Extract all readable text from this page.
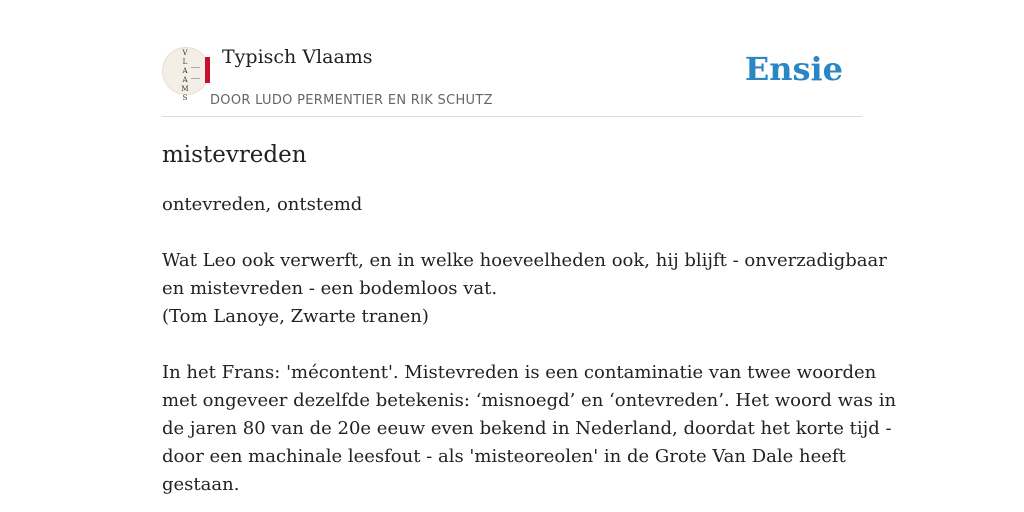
V
L
A
A
M
S
Typisch Vlaams
DOOR LUDO PERMENTIER EN RIK SCHUTZ
Ensie
mistevreden
ontevreden, ontstemd
Wat Leo ook verwerft, en in welke hoeveelheden ook, hij blijft - onverzadigbaar
en mistevreden - een bodemloos vat.
(Tom Lanoye, Zwarte tranen)
In het Frans: 'mécontent'. Mistevreden is een contaminatie van twee woorden
met ongeveer dezelfde betekenis: ‘misnoegd’ en ‘ontevreden’. Het woord was in
de jaren 80 van de 20e eeuw even bekend in Nederland, doordat het korte tijd -
door een machinale leesfout - als 'misteoreolen' in de Grote Van Dale heeft
gestaan.
